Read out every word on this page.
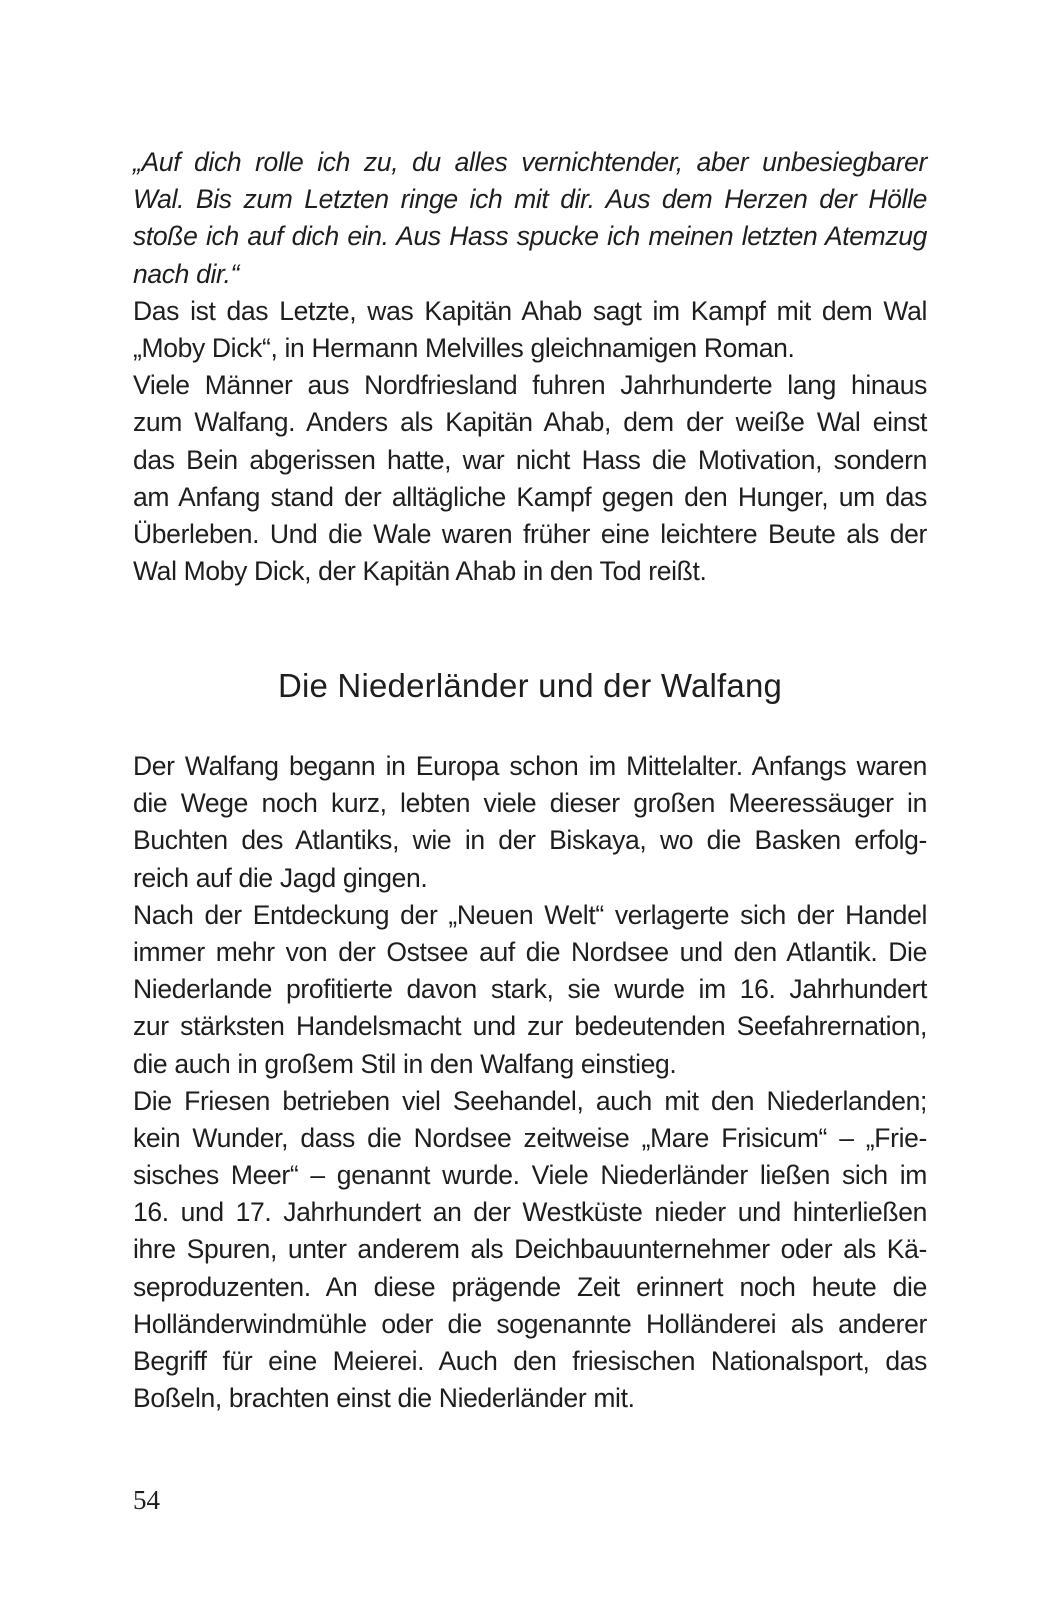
„Auf dich rolle ich zu, du alles vernichtender, aber unbesiegbarer
Wal. Bis zum Letzten ringe ich mit dir. Aus dem Herzen der Hölle
stoße ich auf dich ein. Aus Hass spucke ich meinen letzten Atemzug
nach dir.“
Das ist das Letzte, was Kapitän Ahab sagt im Kampf mit dem Wal
„Moby Dick“, in Hermann Melvilles gleichnamigen Roman.
Viele Männer aus Nordfriesland fuhren Jahrhunderte lang hinaus
zum Walfang. Anders als Kapitän Ahab, dem der weiße Wal einst
das Bein abgerissen hatte, war nicht Hass die Motivation, sondern
am Anfang stand der alltägliche Kampf gegen den Hunger, um das
Überleben. Und die Wale waren früher eine leichtere Beute als der
Wal Moby Dick, der Kapitän Ahab in den Tod reißt.
Die Niederländer und der Walfang
Der Walfang begann in Europa schon im Mittelalter. Anfangs waren
die Wege noch kurz, lebten viele dieser großen Meeressäuger in
Buchten des Atlantiks, wie in der Biskaya, wo die Basken erfolg-
reich auf die Jagd gingen.
Nach der Entdeckung der „Neuen Welt“ verlagerte sich der Handel
immer mehr von der Ostsee auf die Nordsee und den Atlantik. Die
Niederlande profitierte davon stark, sie wurde im 16. Jahrhundert
zur stärksten Handelsmacht und zur bedeutenden Seefahrernation,
die auch in großem Stil in den Walfang einstieg.
Die Friesen betrieben viel Seehandel, auch mit den Niederlanden;
kein Wunder, dass die Nordsee zeitweise „Mare Frisicum“ – „Frie-
sisches Meer“ – genannt wurde. Viele Niederländer ließen sich im
16. und 17. Jahrhundert an der Westküste nieder und hinterließen
ihre Spuren, unter anderem als Deichbauunternehmer oder als Kä-
seproduzenten. An diese prägende Zeit erinnert noch heute die
Holländerwindmühle oder die sogenannte Holländerei als anderer
Begriff für eine Meierei. Auch den friesischen Nationalsport, das
Boßeln, brachten einst die Niederländer mit.
54
